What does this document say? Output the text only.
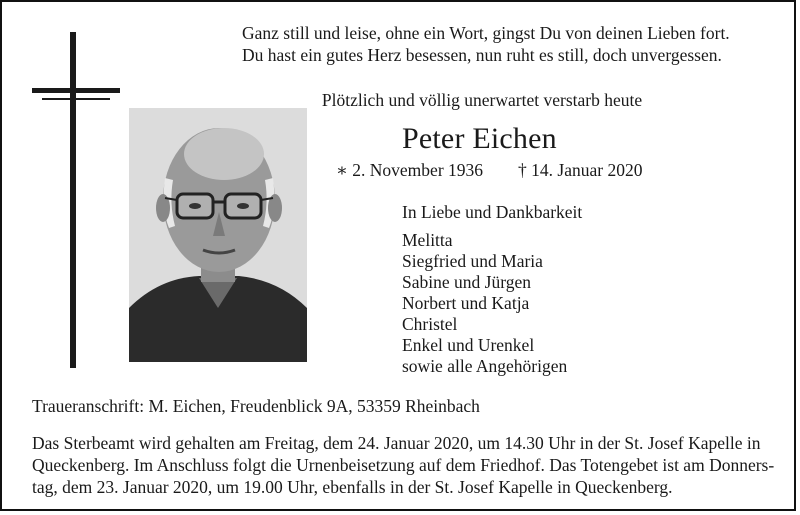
Ganz still und leise, ohne ein Wort, gingst Du von deinen Lieben fort.
Du hast ein gutes Herz besessen, nun ruht es still, doch unvergessen.
Plötzlich und völlig unerwartet verstarb heute
Peter Eichen
∗ 2. November 1936 † 14. Januar 2020
In Liebe und Dankbarkeit
Melitta
Siegfried und Maria
Sabine und Jürgen
Norbert und Katja
Christel
Enkel und Urenkel
sowie alle Angehörigen
Traueranschrift: M. Eichen, Freudenblick 9A, 53359 Rheinbach
Das Sterbeamt wird gehalten am Freitag, dem 24. Januar 2020, um 14.30 Uhr in der St. Josef Kapelle in
Queckenberg. Im Anschluss folgt die Urnenbeisetzung auf dem Friedhof. Das Totengebet ist am Donners-
tag, dem 23. Januar 2020, um 19.00 Uhr, ebenfalls in der St. Josef Kapelle in Queckenberg.
